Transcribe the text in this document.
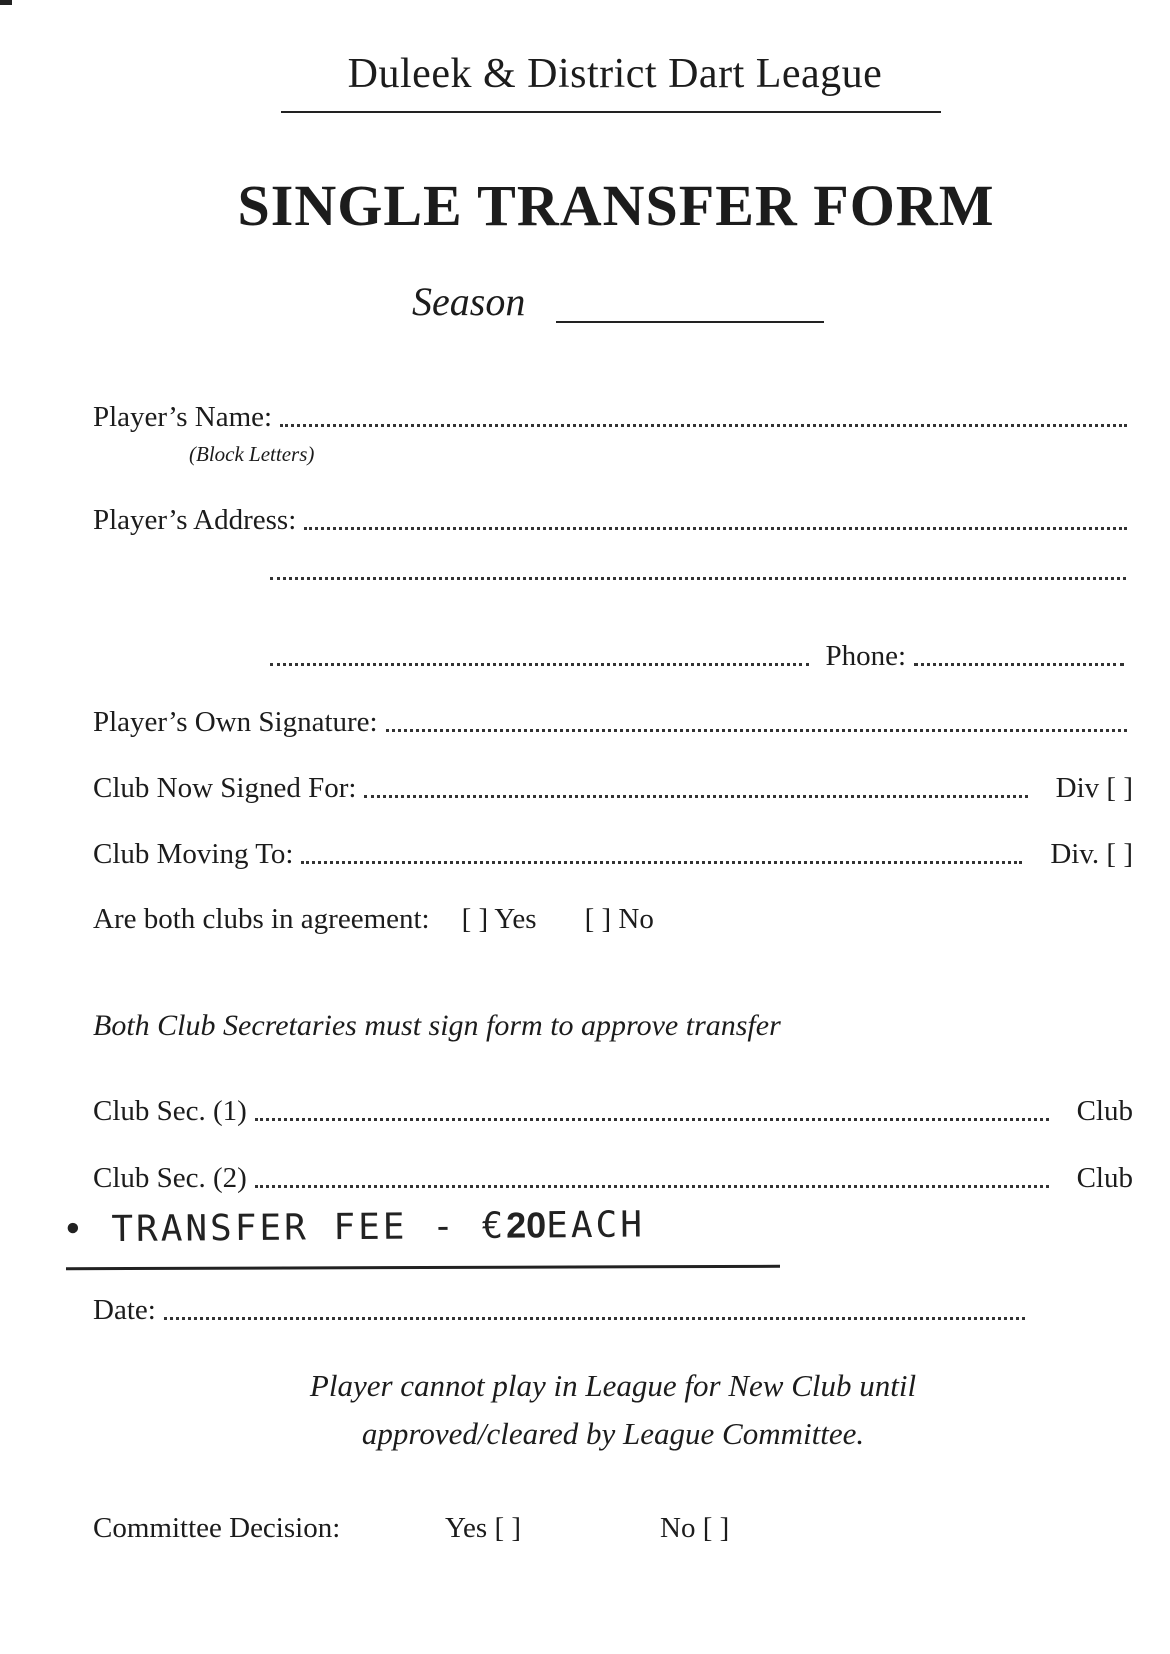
Duleek & District Dart League
SINGLE TRANSFER FORM
Season
Player’s Name:
(Block Letters)
Player’s Address:
Phone:
Player’s Own Signature:
Club Now Signed For:	Div [ ]
Club Moving To:	Div. [ ]
Are both clubs in agreement: [ ] Yes [ ] No
Both Club Secretaries must sign form to approve transfer
Club Sec. (1)	Club
Club Sec. (2)	Club
• TRANSFER FEE - €20EACH
Date:
Player cannot play in League for New Club until
approved/cleared by League Committee.
Committee Decision:	Yes [ ]	No [ ]
